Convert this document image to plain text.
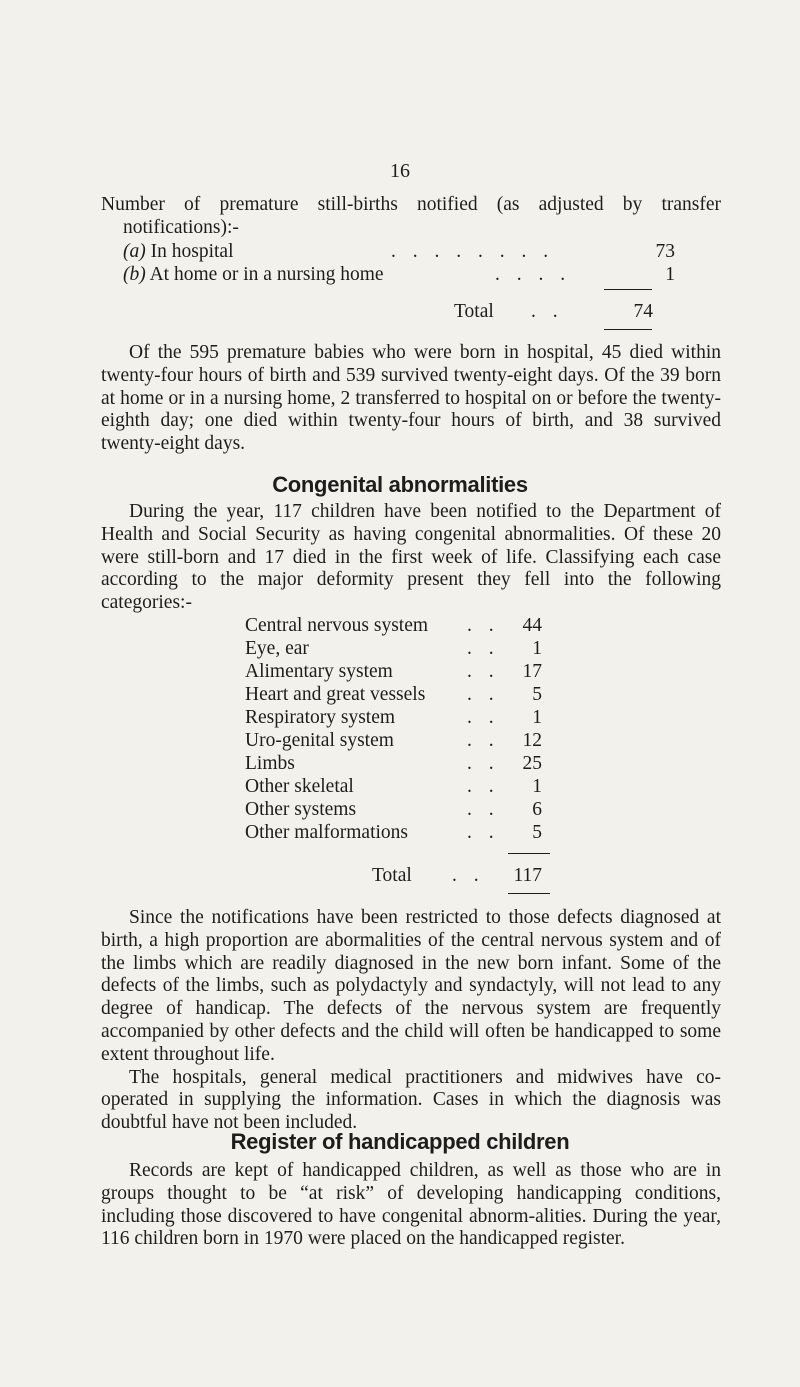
16

Number of premature still-births notified (as adjusted by transfer notifications):-

(a) In hospital	. . . . . . . .	73
(b) At home or in a nursing home	. . . .	1
Total . .	74

Of the 595 premature babies who were born in hospital, 45 died within twenty-four hours of birth and 539 survived twenty-eight days. Of the 39 born at home or in a nursing home, 2 transferred to hospital on or before the twenty-eighth day; one died within twenty-four hours of birth, and 38 survived twenty-eight days.

Congenital abnormalities

During the year, 117 children have been notified to the Department of Health and Social Security as having congenital abnormalities. Of these 20 were still-born and 17 died in the first week of life. Classifying each case according to the major deformity present they fell into the following categories:-

Central nervous system . .	44
Eye, ear	. .	1
Alimentary system	. .	17
Heart and great vessels . .	5
Respiratory system	. .	1
Uro-genital system	. .	12
Limbs	. .	25
Other skeletal	. .	1
Other systems	. .	6
Other malformations	. .	5
Total . .	117

Since the notifications have been restricted to those defects diagnosed at birth, a high proportion are abormalities of the central nervous system and of the limbs which are readily diagnosed in the new born infant. Some of the defects of the limbs, such as polydactyly and syndactyly, will not lead to any degree of handicap. The defects of the nervous system are frequently accompanied by other defects and the child will often be handicapped to some extent throughout life.

The hospitals, general medical practitioners and midwives have co-operated in supplying the information. Cases in which the diagnosis was doubtful have not been included.

Register of handicapped children

Records are kept of handicapped children, as well as those who are in groups thought to be “at risk” of developing handicapping conditions, including those discovered to have congenital abnorm-alities. During the year, 116 children born in 1970 were placed on the handicapped register.
